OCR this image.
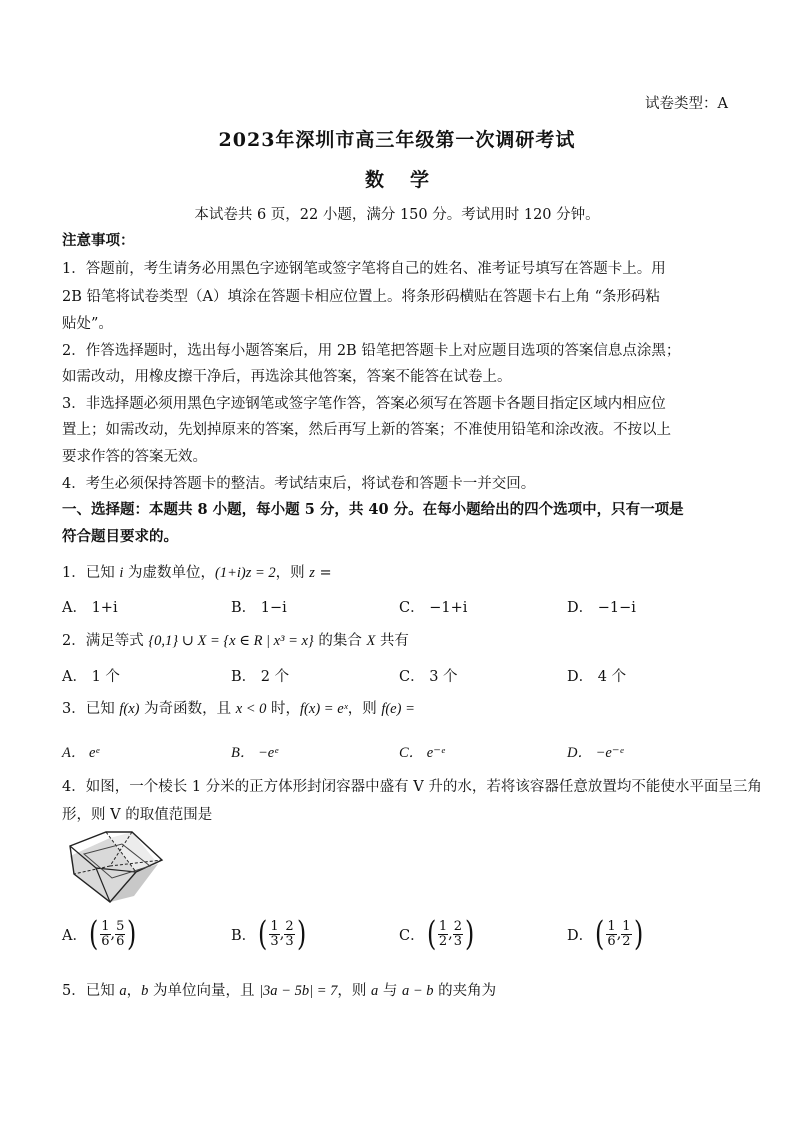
试卷类型：A
2023年深圳市高三年级第一次调研考试
数学
本试卷共 6 页，22 小题，满分 150 分。考试用时 120 分钟。
注意事项：
1．答题前，考生请务必用黑色字迹钢笔或签字笔将自己的姓名、准考证号填写在答题卡上。用
2B 铅笔将试卷类型（A）填涂在答题卡相应位置上。将条形码横贴在答题卡右上角 “条形码粘
贴处”。
2．作答选择题时，选出每小题答案后，用 2B 铅笔把答题卡上对应题目选项的答案信息点涂黑；
如需改动，用橡皮擦干净后，再选涂其他答案，答案不能答在试卷上。
3．非选择题必须用黑色字迹钢笔或签字笔作答，答案必须写在答题卡各题目指定区域内相应位
置上；如需改动，先划掉原来的答案，然后再写上新的答案；不准使用铅笔和涂改液。不按以上
要求作答的答案无效。
4．考生必须保持答题卡的整洁。考试结束后，将试卷和答题卡一并交回。
一、选择题：本题共 8 小题，每小题 5 分，共 40 分。在每小题给出的四个选项中，只有一项是
符合题目要求的。
1．已知 i 为虚数单位，(1+i)z = 2，则 z =
A． 1+i	B． 1−i	C． −1+i	D． −1−i
2．满足等式 {0,1} ∪ X = {x ∈ R | x³ = x} 的集合 X 共有
A． 1 个	B． 2 个	C． 3 个	D． 4 个
3．已知 f(x) 为奇函数，且 x < 0 时，f(x) = eˣ，则 f(e) =
A． eᵉ	B． −eᵉ	C． e⁻ᵉ	D． −e⁻ᵉ
4．如图，一个棱长 1 分米的正方体形封闭容器中盛有 V 升的水，若将该容器任意放置均不能使水平面呈三角
形，则 V 的取值范围是
A． ( $\frac{1}{6}$ , $\frac{5}{6}$ )	B． ( $\frac{1}{3}$ , $\frac{2}{3}$ )	C． ( $\frac{1}{2}$ , $\frac{2}{3}$ )	D． ( $\frac{1}{6}$ , $\frac{1}{2}$ )
5．已知 a，b 为单位向量，且 |3a − 5b| = 7，则 a 与 a − b 的夹角为
